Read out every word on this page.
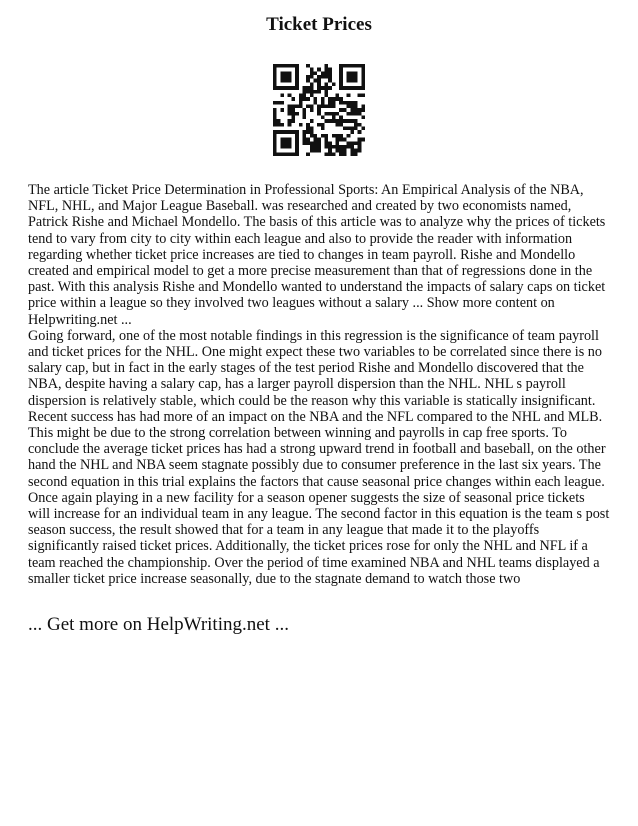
Ticket Prices

The article Ticket Price Determination in Professional Sports: An Empirical Analysis of the NBA, NFL, NHL, and Major League Baseball. was researched and created by two economists named, Patrick Rishe and Michael Mondello. The basis of this article was to analyze why the prices of tickets tend to vary from city to city within each league and also to provide the reader with information regarding whether ticket price increases are tied to changes in team payroll. Rishe and Mondello created and empirical model to get a more precise measurement than that of regressions done in the past. With this analysis Rishe and Mondello wanted to understand the impacts of salary caps on ticket price within a league so they involved two leagues without a salary ... Show more content on Helpwriting.net ...

Going forward, one of the most notable findings in this regression is the significance of team payroll and ticket prices for the NHL. One might expect these two variables to be correlated since there is no salary cap, but in fact in the early stages of the test period Rishe and Mondello discovered that the NBA, despite having a salary cap, has a larger payroll dispersion than the NHL. NHL s payroll dispersion is relatively stable, which could be the reason why this variable is statically insignificant. Recent success has had more of an impact on the NBA and the NFL compared to the NHL and MLB. This might be due to the strong correlation between winning and payrolls in cap free sports. To conclude the average ticket prices has had a strong upward trend in football and baseball, on the other hand the NHL and NBA seem stagnate possibly due to consumer preference in the last six years. The second equation in this trial explains the factors that cause seasonal price changes within each league. Once again playing in a new facility for a season opener suggests the size of seasonal price tickets will increase for an individual team in any league. The second factor in this equation is the team s post season success, the result showed that for a team in any league that made it to the playoffs significantly raised ticket prices. Additionally, the ticket prices rose for only the NHL and NFL if a team reached the championship. Over the period of time examined NBA and NHL teams displayed a smaller ticket price increase seasonally, due to the stagnate demand to watch those two

... Get more on HelpWriting.net ...
